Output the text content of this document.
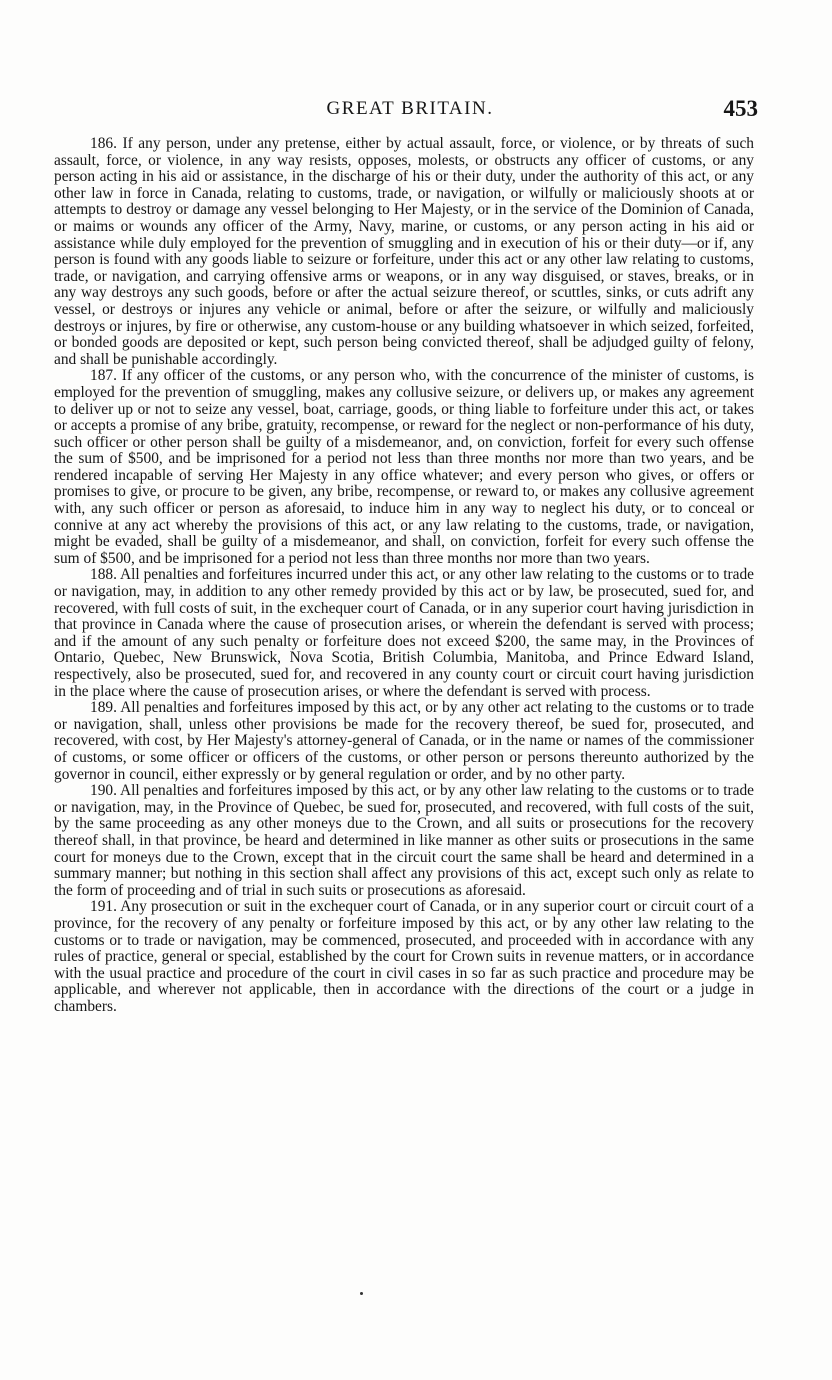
GREAT BRITAIN.	453

186. If any person, under any pretense, either by actual assault, force, or violence, or by threats of such assault, force, or violence, in any way resists, opposes, molests, or obstructs any officer of customs, or any person acting in his aid or assistance, in the discharge of his or their duty, under the authority of this act, or any other law in force in Canada, relating to customs, trade, or navigation, or wilfully or maliciously shoots at or attempts to destroy or damage any vessel belonging to Her Majesty, or in the service of the Dominion of Canada, or maims or wounds any officer of the Army, Navy, marine, or customs, or any person acting in his aid or assistance while duly employed for the prevention of smuggling and in execution of his or their duty—or if, any person is found with any goods liable to seizure or forfeiture, under this act or any other law relating to customs, trade, or navigation, and carrying offensive arms or weapons, or in any way disguised, or staves, breaks, or in any way destroys any such goods, before or after the actual seizure thereof, or scuttles, sinks, or cuts adrift any vessel, or destroys or injures any vehicle or animal, before or after the seizure, or wilfully and maliciously destroys or injures, by fire or otherwise, any custom-house or any building whatsoever in which seized, forfeited, or bonded goods are deposited or kept, such person being convicted thereof, shall be adjudged guilty of felony, and shall be punishable accordingly.

187. If any officer of the customs, or any person who, with the concurrence of the minister of customs, is employed for the prevention of smuggling, makes any collusive seizure, or delivers up, or makes any agreement to deliver up or not to seize any vessel, boat, carriage, goods, or thing liable to forfeiture under this act, or takes or accepts a promise of any bribe, gratuity, recompense, or reward for the neglect or non-performance of his duty, such officer or other person shall be guilty of a misdemeanor, and, on conviction, forfeit for every such offense the sum of $500, and be imprisoned for a period not less than three months nor more than two years, and be rendered incapable of serving Her Majesty in any office whatever; and every person who gives, or offers or promises to give, or procure to be given, any bribe, recompense, or reward to, or makes any collusive agreement with, any such officer or person as aforesaid, to induce him in any way to neglect his duty, or to conceal or connive at any act whereby the provisions of this act, or any law relating to the customs, trade, or navigation, might be evaded, shall be guilty of a misdemeanor, and shall, on conviction, forfeit for every such offense the sum of $500, and be imprisoned for a period not less than three months nor more than two years.

188. All penalties and forfeitures incurred under this act, or any other law relating to the customs or to trade or navigation, may, in addition to any other remedy provided by this act or by law, be prosecuted, sued for, and recovered, with full costs of suit, in the exchequer court of Canada, or in any superior court having jurisdiction in that province in Canada where the cause of prosecution arises, or wherein the defendant is served with process; and if the amount of any such penalty or forfeiture does not exceed $200, the same may, in the Provinces of Ontario, Quebec, New Brunswick, Nova Scotia, British Columbia, Manitoba, and Prince Edward Island, respectively, also be prosecuted, sued for, and recovered in any county court or circuit court having jurisdiction in the place where the cause of prosecution arises, or where the defendant is served with process.

189. All penalties and forfeitures imposed by this act, or by any other act relating to the customs or to trade or navigation, shall, unless other provisions be made for the recovery thereof, be sued for, prosecuted, and recovered, with cost, by Her Majesty's attorney-general of Canada, or in the name or names of the commissioner of customs, or some officer or officers of the customs, or other person or persons thereunto authorized by the governor in council, either expressly or by general regulation or order, and by no other party.

190. All penalties and forfeitures imposed by this act, or by any other law relating to the customs or to trade or navigation, may, in the Province of Quebec, be sued for, prosecuted, and recovered, with full costs of the suit, by the same proceeding as any other moneys due to the Crown, and all suits or prosecutions for the recovery thereof shall, in that province, be heard and determined in like manner as other suits or prosecutions in the same court for moneys due to the Crown, except that in the circuit court the same shall be heard and determined in a summary manner; but nothing in this section shall affect any provisions of this act, except such only as relate to the form of proceeding and of trial in such suits or prosecutions as aforesaid.

191. Any prosecution or suit in the exchequer court of Canada, or in any superior court or circuit court of a province, for the recovery of any penalty or forfeiture imposed by this act, or by any other law relating to the customs or to trade or navigation, may be commenced, prosecuted, and proceeded with in accordance with any rules of practice, general or special, established by the court for Crown suits in revenue matters, or in accordance with the usual practice and procedure of the court in civil cases in so far as such practice and procedure may be applicable, and wherever not applicable, then in accordance with the directions of the court or a judge in chambers.
